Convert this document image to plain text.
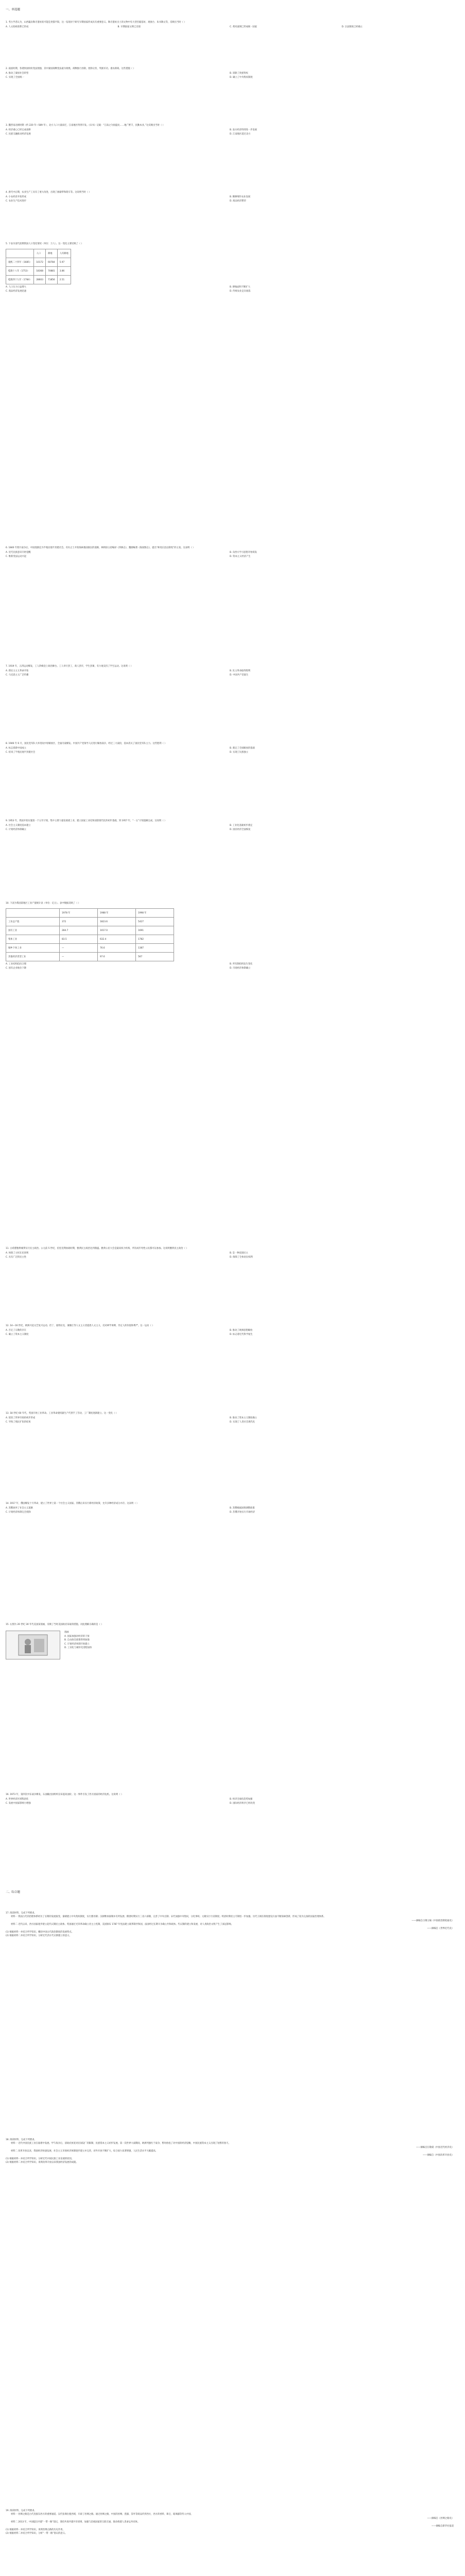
一、单选题

1. 考古学者认为，山西襄汾陶寺遗址很可能是尧都平阳，这一发现对于研究早期国家形成具有重要意义。陶寺遗址出土的文物中有大型宫殿基址、观象台、朱书陶文等，反映出当时（ ）

A. 人文始祖谱系已形成	B. 早期国家文明已出现	C. 黄河流域已形成统一国家	D. 宗法制度已经确立

2. 战国时期，各诸侯国纷纷变法图强，其中秦国商鞅变法最为彻底。商鞅推行县制，废除分封，奖励军功，重农抑商。这些措施（ ）

A. 推动了秦国社会转型	B. 消除了贵族特权
C. 实现了全国统一	D. 确立了中央集权制度

3. 魏晋南北朝时期（约 220 年—589 年），北方人口大量南迁，江南地区得到开发。《宋书》记载：“江南之为国盛矣……地广野丰，民勤本业。”这反映出当时（ ）

A. 经济重心已经完成南移	B. 南方经济得到进一步发展
C. 民族交融推动经济发展	D. 江南地区超过北方

4. 唐代中后期，农业生产工具有了重大改进，出现了曲辕犁和筒车等。这说明当时（ ）

A. 小农经济开始形成	B. 精耕细作农业发展
C. 农业生产技术进步	D. 商品经济繁荣

5. 下表为清代前期我国人口变化情况（单位：万人）。这一变化主要反映了（ ）

	人口	耕地	人均耕地
康熙二十四年（1685）	10172	60784	5.97
乾隆十八年（1753）	18368	70881	3.86
乾隆四十九年（1784）	28603	71856	2.51
A. 人口压力日益增大	B. 耕地面积不断扩大
C. 商品经济发展迅速	D. 传统农业走向衰落

6. 1840 年鸦片战争后，中国逐渐沦为半殖民地半封建社会。有识之士开始探索救国救民的道路，林则徐主持编译《四洲志》，魏源编著《海国图志》，提出“师夷长技以制夷”的主张。这表明（ ）

A. 近代民族意识开始觉醒	B. 向西方学习思想开始萌发
C. 维新变法运动兴起	D. 资本主义经济产生

7. 1919 年，五四运动爆发，工人阶级登上政治舞台。工人举行罢工，商人罢市，学生罢课，有力地支持了学生运动。这说明（ ）

A. 新民主主义革命开始	B. 民主革命取得胜利
C. 马克思主义广泛传播	D. 中国共产党诞生

8. 1946 年 6 月，国民党军队大举进攻中原解放区，全面内战爆发。中国共产党领导人民进行解放战争，经过三大战役，基本消灭了国民党军队主力。这些胜利（ ）

A. 标志着新中国成立	B. 奠定了全国解放的基础
C. 结束了半殖民地半封建社会	D. 实现了民族独立

9. 1953 年，我国开始实施第一个五年计划，集中主要力量发展重工业，建立国家工业化和国防现代化的初步基础。到 1957 年，“一五”计划超额完成。这说明（ ）

A. 社会主义制度基本建立	B. 工业化基础初步奠定
C. 计划经济体制确立	D. 国民经济全面恢复

10. 下表为我国某地区工业产值统计表（单位：亿元）。表中数据反映了（ ）

	1978 年	1988 年	1998 年
工业总产值	372	1823.6	5427
国有工业	284.7	1017.0	1691
集体工业	83.5	632.4	1782
城乡个体工业	—	76.6	1387
其他经济类型工业	—	97.6	567
A. 工业结构趋向合理	B. 所有制结构发生变化
C. 国有企业地位下降	D. 市场经济体制确立

11. 古希腊雅典城邦实行民主政治。公元前 5 世纪，伯里克利执政时期，雅典民主政治达到鼎盛。雅典公民大会是最高权力机构，所有成年男性公民都可以参加。这说明雅典民主政治（ ）

A. 体现了主权在民原则	B. 是一种直接民主
C. 具有广泛的民主性	D. 保障了全体居民权利

12. 14—16 世纪，欧洲兴起文艺复兴运动。但丁、彼特拉克、薄伽丘等人文主义者提倡人文主义，反对神学束缚，肯定人的价值和尊严。这一运动（ ）

A. 否定了宗教的存在	B. 推动了欧洲思想解放
C. 确立了资本主义制度	D. 标志着近代科学诞生

13. 18 世纪 60 年代，英国开始工业革命。工业革命使机器生产代替手工劳动，工厂制度逐渐建立。这一变化（ ）

A. 促进了世界市场的初步形成	B. 推动了资本主义制度确立
C. 导致了殖民扩张的结束	D. 实现了人类社会现代化

14. 1917 年，俄国爆发十月革命，建立了世界上第一个社会主义国家。苏俄后来实行新经济政策，允许多种经济成分并存。这表明（ ）

A. 苏俄放弃了社会主义道路	B. 苏俄根据国情调整政策
C. 计划经济体制完全废除	D. 苏俄开始实行市场经济

15. 右图为 20 世纪 30 年代美国某漫画，反映了当时美国政府采取的措施。对此理解正确的是（ ）

漫画
A. 国家加强对经济的干预
B. 自由放任政策得到加强
C. 计划经济体制开始建立
D. 工业化与城市化进程加快

16. 1973 年，第四次中东战争爆发，石油输出国组织宣布提高油价。这一事件引发了西方国家的经济危机。这说明（ ）

A. 世界经济区域集团化	B. 经济全球化趋势加强
C. 发展中国家影响力增强	D. 国际经济秩序已经改变
二、综合题

17. 阅读材料，完成下列要求。

材料一 我国古代的治理体系经历了长期的发展演变。秦朝建立中央集权制度，实行郡县制；汉朝继承秦制并有所发展；隋唐时期实行三省六部制，完善了中央官制；宋代加强中央集权，分化事权；元朝实行行省制度；明清时期君主专制进一步加强。历代王朝在制度建设方面不断探索创新，形成了较为完备的国家治理体系。

——摘编自白钢主编《中国政治制度通史》

材料二 近代以来，西方国家逐步建立起代议制民主政体。英国通过光荣革命确立君主立宪制，美国颁布 1787 年宪法建立联邦制共和国，法国经过长期斗争确立共和政体。代议制的建立和发展，对人类政治文明产生了深远影响。

——摘编自《世界近代史》

(1) 根据材料一并结合所学知识，概括中国古代政治制度的发展特点。

(2) 根据材料二并结合所学知识，分析近代西方代议制建立的意义。

18. 阅读材料，完成下列要求。

材料一 近代中国民族工业在艰难中发展。甲午战争后，清政府放宽对民间设厂的限制，民族资本主义初步发展。第一次世界大战期间，欧洲列强忙于战争，暂时放松了对中国的经济侵略，中国民族资本主义出现了短暂的春天。

——摘编自汪敬虞《中国近代经济史》

材料二 改革开放以来，我国经济快速发展，社会主义市场经济体制逐步建立并完善，对外开放不断扩大，综合国力显著增强，人民生活水平大幅提高。

——摘编自《中国改革开放史》

(1) 根据材料一并结合所学知识，分析近代中国民族工业发展的原因。

(2) 根据材料二并结合所学知识，说明改革开放以来我国经济发展的成就。

19. 阅读材料，完成下列要求。

材料一 丝绸之路是古代连接东西方的重要通道。汉代张骞出使西域，开辟了丝绸之路。通过丝绸之路，中国的丝绸、瓷器、茶叶等商品传到西方，西方的香料、珠宝、玻璃器等传入中国。

——摘编自《丝绸之路史》

材料二 2013 年，中国提出共建“一带一路”倡议，秉持共商共建共享原则，加强与沿线国家的互联互通，推动构建人类命运共同体。

——摘编自新华社报道

(1) 根据材料一并结合所学知识，说明丝绸之路的历史作用。

(2) 根据材料二并结合所学知识，分析“一带一路”倡议的意义。
